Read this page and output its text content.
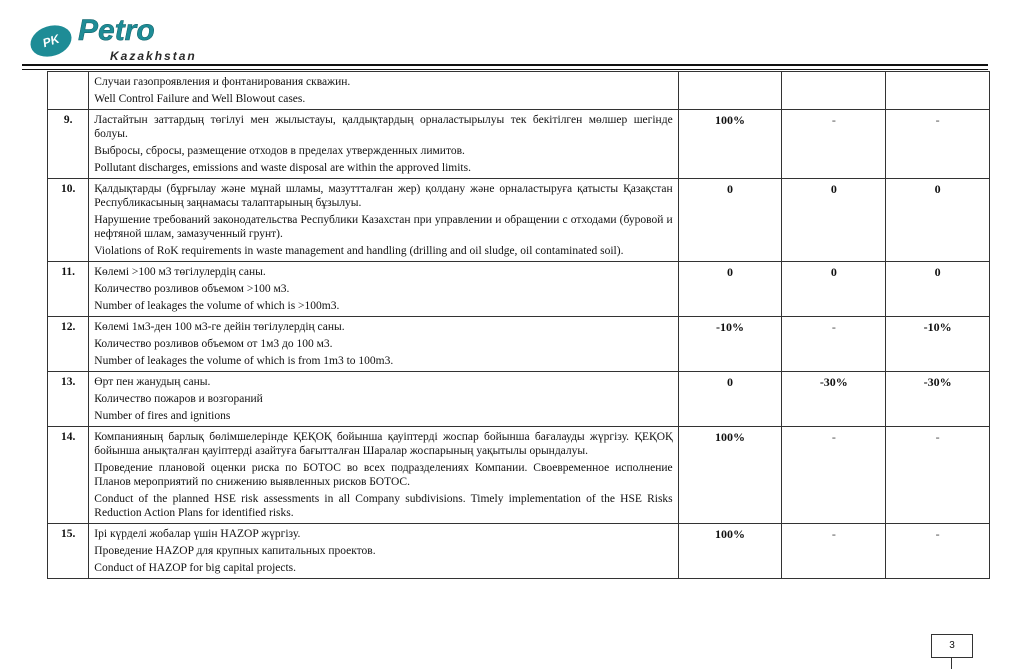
PK Petro
Kazakhstan

	Случаи газопроявления и фонтанирования скважин.
Well Control Failure and Well Blowout cases.			

9.	Ластайтын заттардың төгілуі мен жылыстауы, қалдықтардың орналастырылуы тек бекітілген мөлшер шегінде болуы.
Выбросы, сбросы, размещение отходов в пределах утвержденных лимитов.
Pollutant discharges, emissions and waste disposal are within the approved limits.	100%	-	-
10.	Қалдықтарды (бұрғылау және мұнай шламы, мазуттталған жер) қолдану және орналастыруға қатысты Қазақстан Республикасының заңнамасы талаптарының бұзылуы.
Нарушение требований законодательства Республики Казахстан при управлении и обращении с отходами (буровой и нефтяной шлам, замазученный грунт).
Violations of RoK requirements in waste management and handling (drilling and oil sludge, oil contaminated soil).	0	0	0
11.	Көлемі >100 м3 төгілулердің саны.
Количество розливов объемом >100 м3.
Number of leakages the volume of which is >100m3.	0	0	0
12.	Көлемі 1м3-ден 100 м3-ге дейін төгілулердің саны.
Количество розливов объемом от 1м3 до 100 м3.
Number of leakages the volume of which is from 1m3 to 100m3.	-10%	-	-10%
13.	Өрт пен жанудың саны.
Количество пожаров и возгораний
Number of fires and ignitions	0	-30%	-30%
14.	Компанияның барлық бөлімшелерінде ҚЕҚОҚ бойынша қауіптерді жоспар бойынша бағалауды жүргізу. ҚЕҚОҚ бойынша анықталған қауіптерді азайтуға бағытталған Шаралар жоспарының уақытылы орындалуы.
Проведение плановой оценки риска по БОТОС во всех подразделениях Компании. Своевременное исполнение Планов мероприятий по снижению выявленных рисков БОТОС.
Conduct of the planned HSE risk assessments in all Company subdivisions. Timely implementation of the HSE Risks Reduction Action Plans for identified risks.	100%	-	-
15.	Ірі күрделі жобалар үшін HAZOP жүргізу.
Проведение HAZOP для крупных капитальных проектов.
Conduct of HAZOP for big capital projects.	100%	-	-
3
